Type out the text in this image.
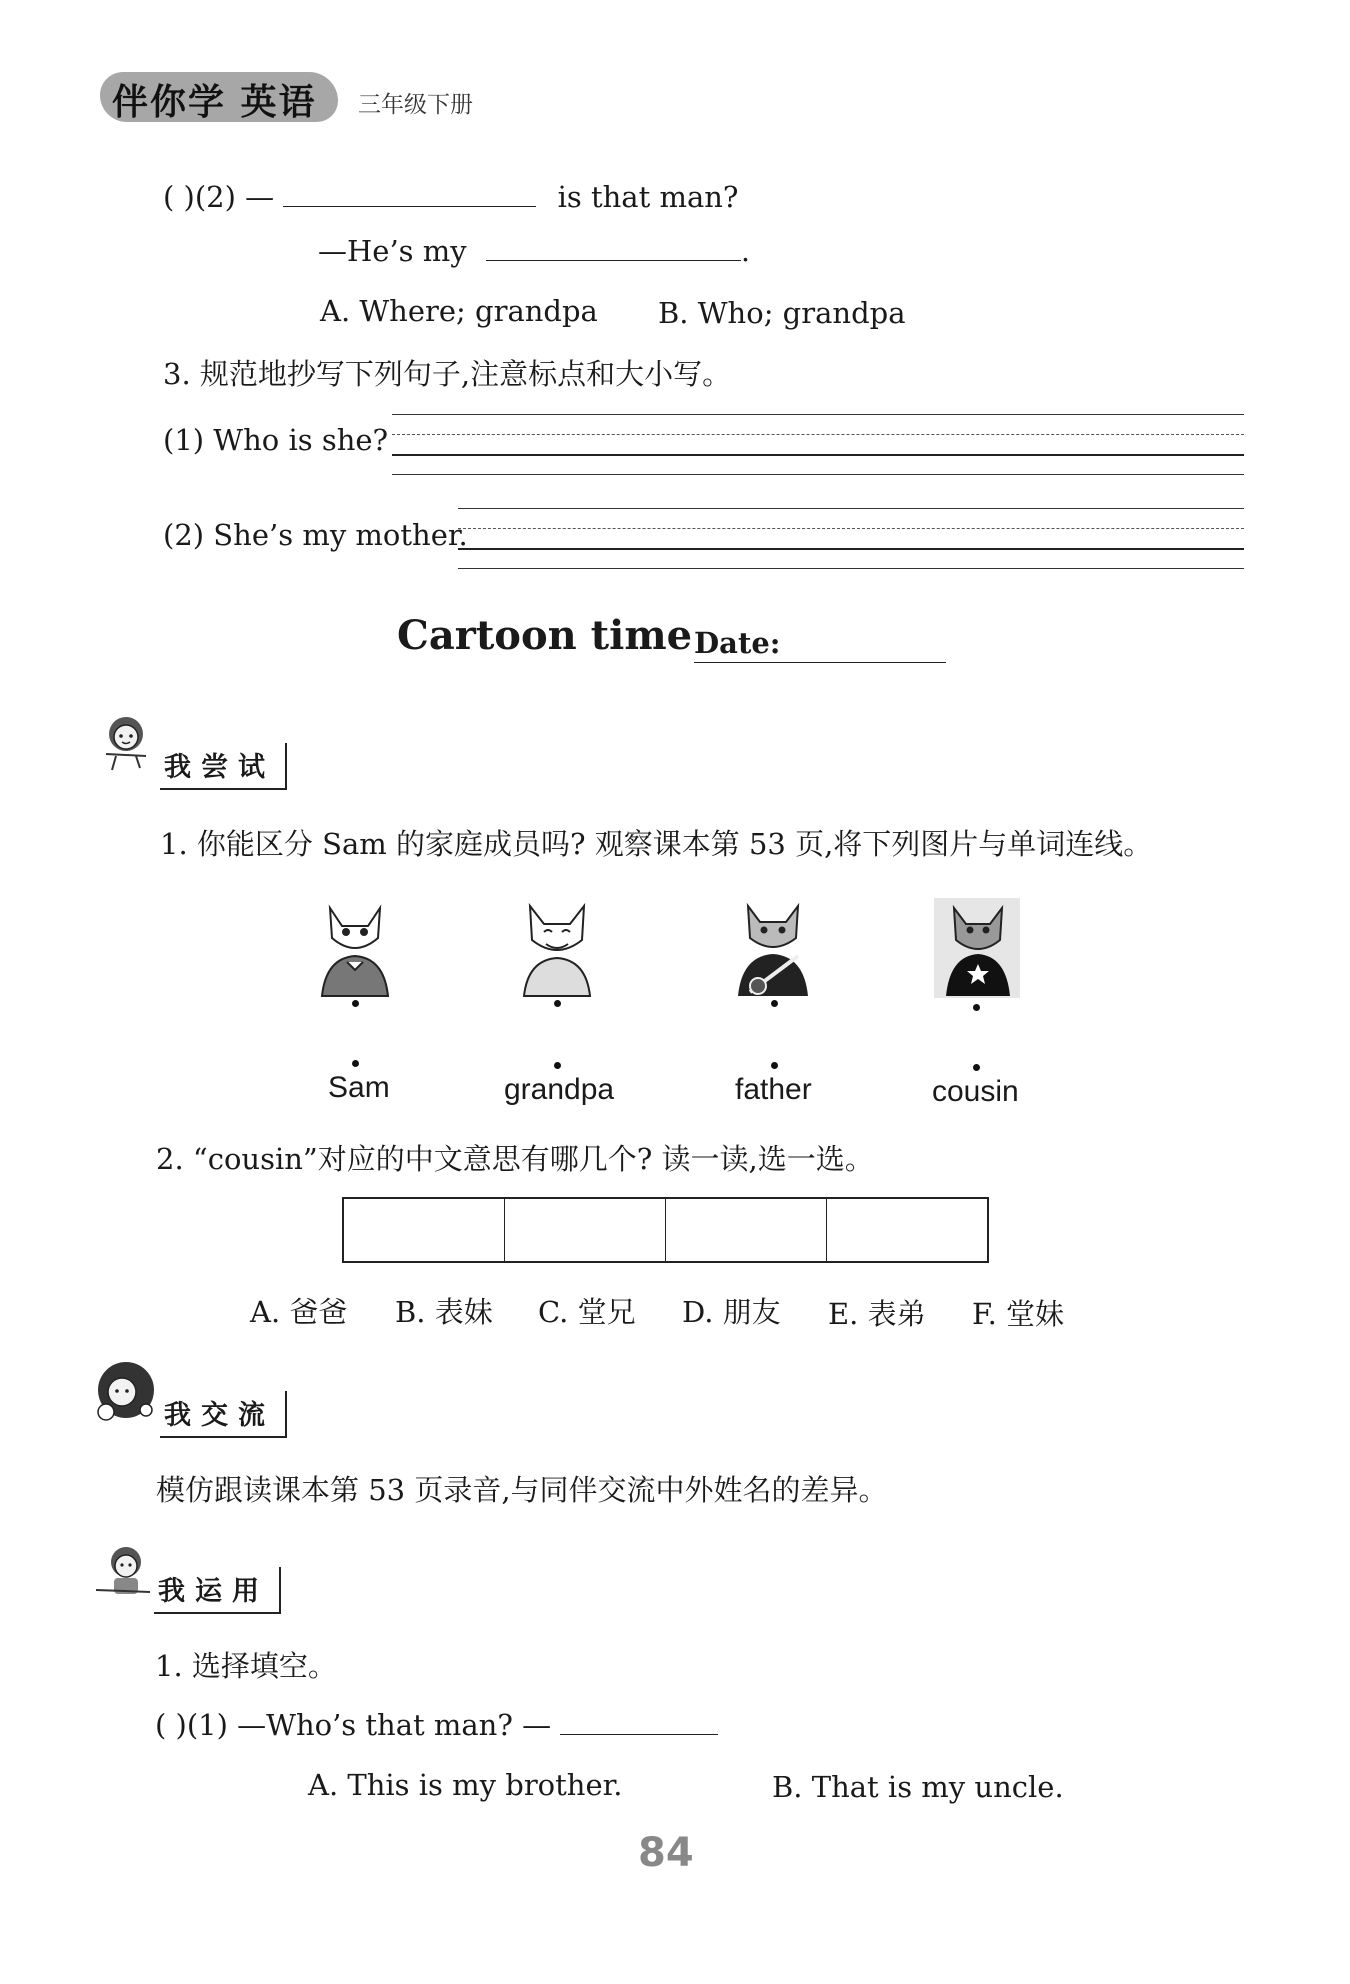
伴你学 英语 三年级下册
( )(2) —	is that man?
—He’s my	.
A. Where; grandpa B. Who; grandpa
3. 规范地抄写下列句子,注意标点和大小写。
(1) Who is she?
(2) She’s my mother.
Cartoon time Date:
我尝试
1. 你能区分 Sam 的家庭成员吗? 观察课本第 53 页,将下列图片与单词连线。
Sam	grandpa	father	cousin
2. “cousin”对应的中文意思有哪几个? 读一读,选一选。
A. 爸爸 B. 表妹 C. 堂兄 D. 朋友 E. 表弟 F. 堂妹
我交流
模仿跟读课本第 53 页录音,与同伴交流中外姓名的差异。
我运用
1. 选择填空。
( )(1) —Who’s that man? —
A. This is my brother.	B. That is my uncle.
84
